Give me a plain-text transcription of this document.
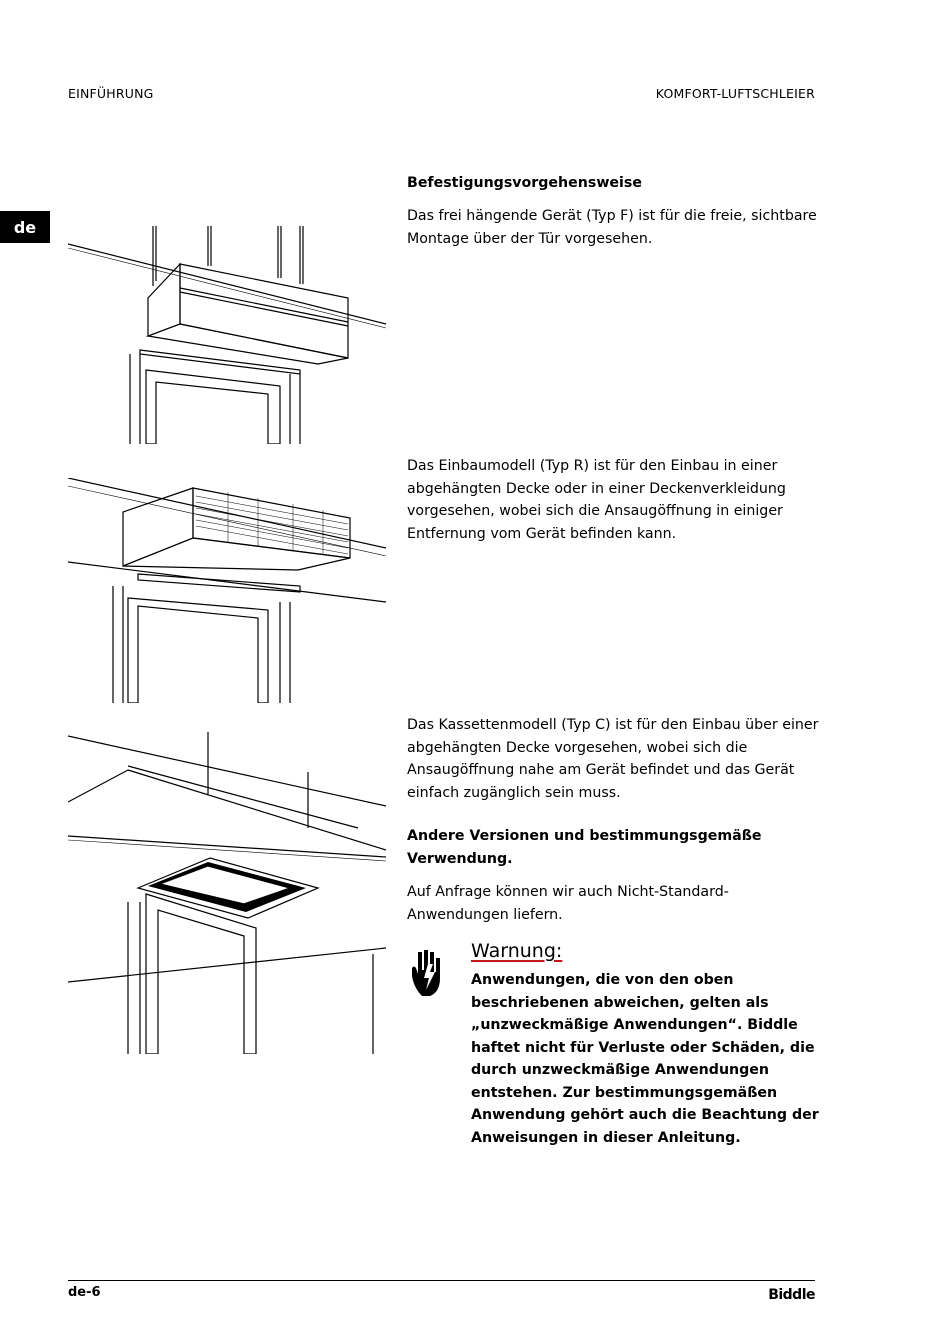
EINFÜHRUNG	KOMFORT-LUFTSCHLEIER
de
Befestigungsvorgehensweise
Das frei hängende Gerät (Typ F) ist für die freie, sichtbare Montage über der Tür vorgesehen.
Das Einbaumodell (Typ R) ist für den Einbau in einer abgehängten Decke oder in einer Deckenverkleidung vorgesehen, wobei sich die Ansaugöffnung in einiger Entfernung vom Gerät befinden kann.
Das Kassettenmodell (Typ C) ist für den Einbau über einer abgehängten Decke vorgesehen, wobei sich die Ansaugöffnung nahe am Gerät befindet und das Gerät einfach zugänglich sein muss.
Andere Versionen und bestimmungsgemäße Verwendung.
Auf Anfrage können wir auch Nicht-Standard-Anwendungen liefern.
Warnung:
Anwendungen, die von den oben beschriebenen abweichen, gelten als „unzweckmäßige Anwendungen“. Biddle haftet nicht für Verluste oder Schäden, die durch unzweckmäßige Anwendungen entstehen. Zur bestimmungsgemäßen Anwendung gehört auch die Beachtung der Anweisungen in dieser Anleitung.
de-6	Biddle
